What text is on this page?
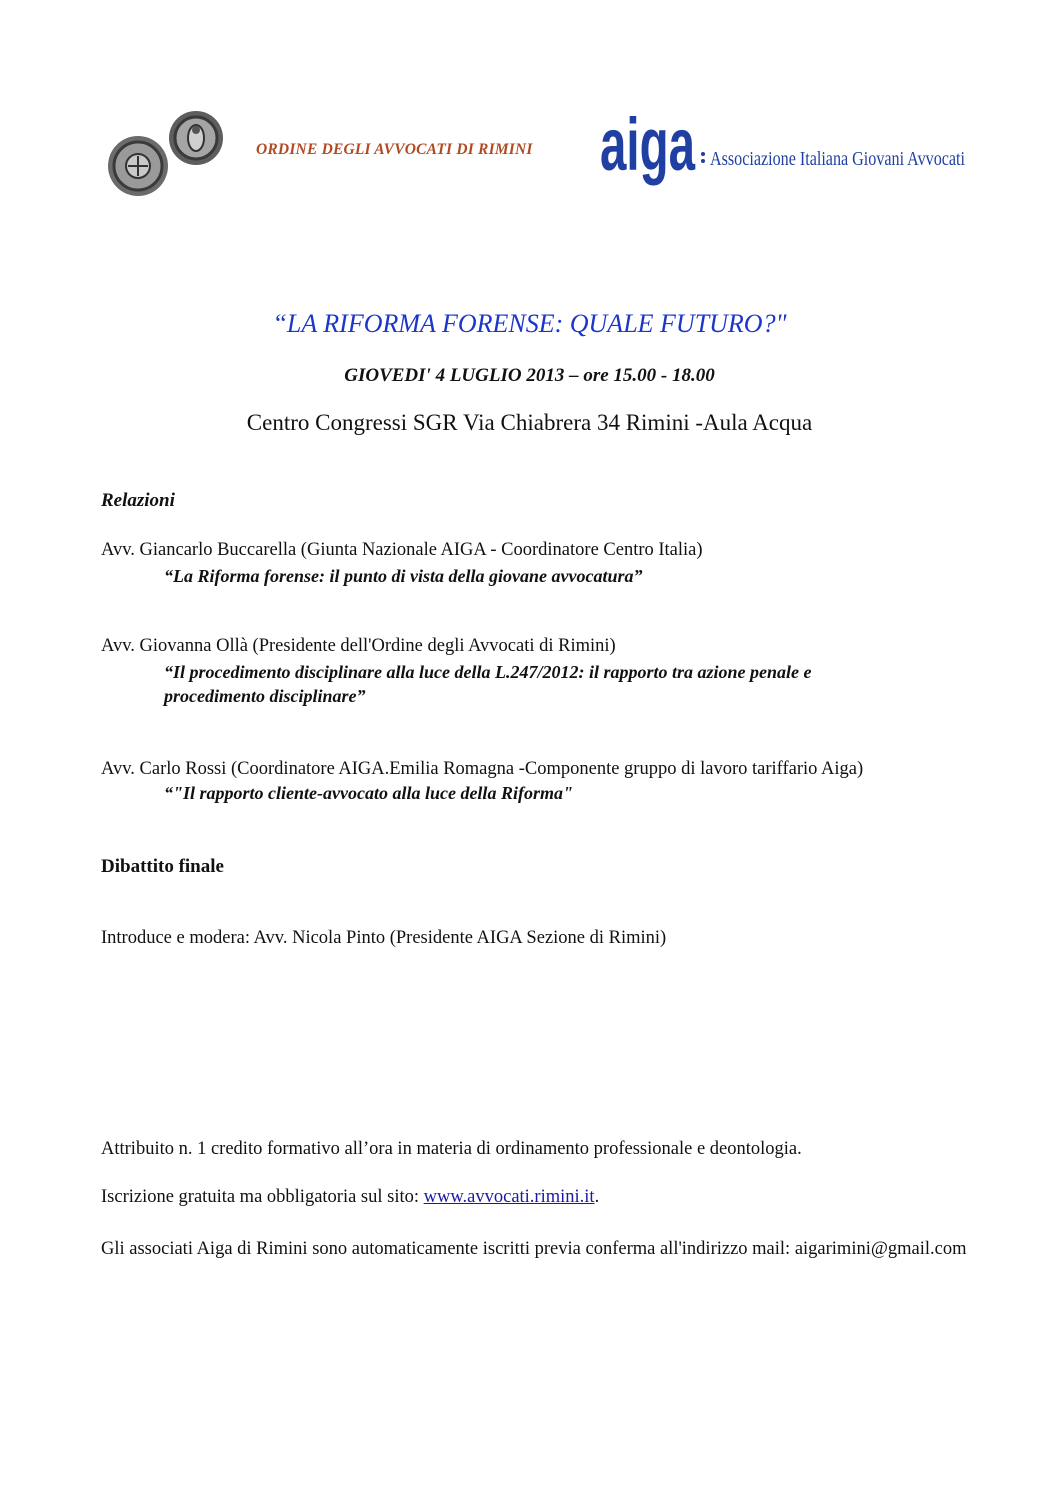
ORDINE DEGLI AVVOCATI DI RIMINI aiga Associazione Italiana Giovani Avvocati
“LA RIFORMA FORENSE: QUALE FUTURO?"
GIOVEDI' 4 LUGLIO 2013 – ore 15.00 - 18.00
Centro Congressi SGR Via Chiabrera 34 Rimini -Aula Acqua
Relazioni
Avv. Giancarlo Buccarella (Giunta Nazionale AIGA - Coordinatore Centro Italia)
“La Riforma forense: il punto di vista della giovane avvocatura”
Avv. Giovanna Ollà (Presidente dell'Ordine degli Avvocati di Rimini)
“Il procedimento disciplinare alla luce della L.247/2012: il rapporto tra azione penale e
procedimento disciplinare”
Avv. Carlo Rossi (Coordinatore AIGA.Emilia Romagna -Componente gruppo di lavoro tariffario Aiga)
“"Il rapporto cliente-avvocato alla luce della Riforma"
Dibattito finale
Introduce e modera: Avv. Nicola Pinto (Presidente AIGA Sezione di Rimini)
Attribuito n. 1 credito formativo all’ora in materia di ordinamento professionale e deontologia.
Iscrizione gratuita ma obbligatoria sul sito: www.avvocati.rimini.it.
Gli associati Aiga di Rimini sono automaticamente iscritti previa conferma all'indirizzo mail: aigarimini@gmail.com
